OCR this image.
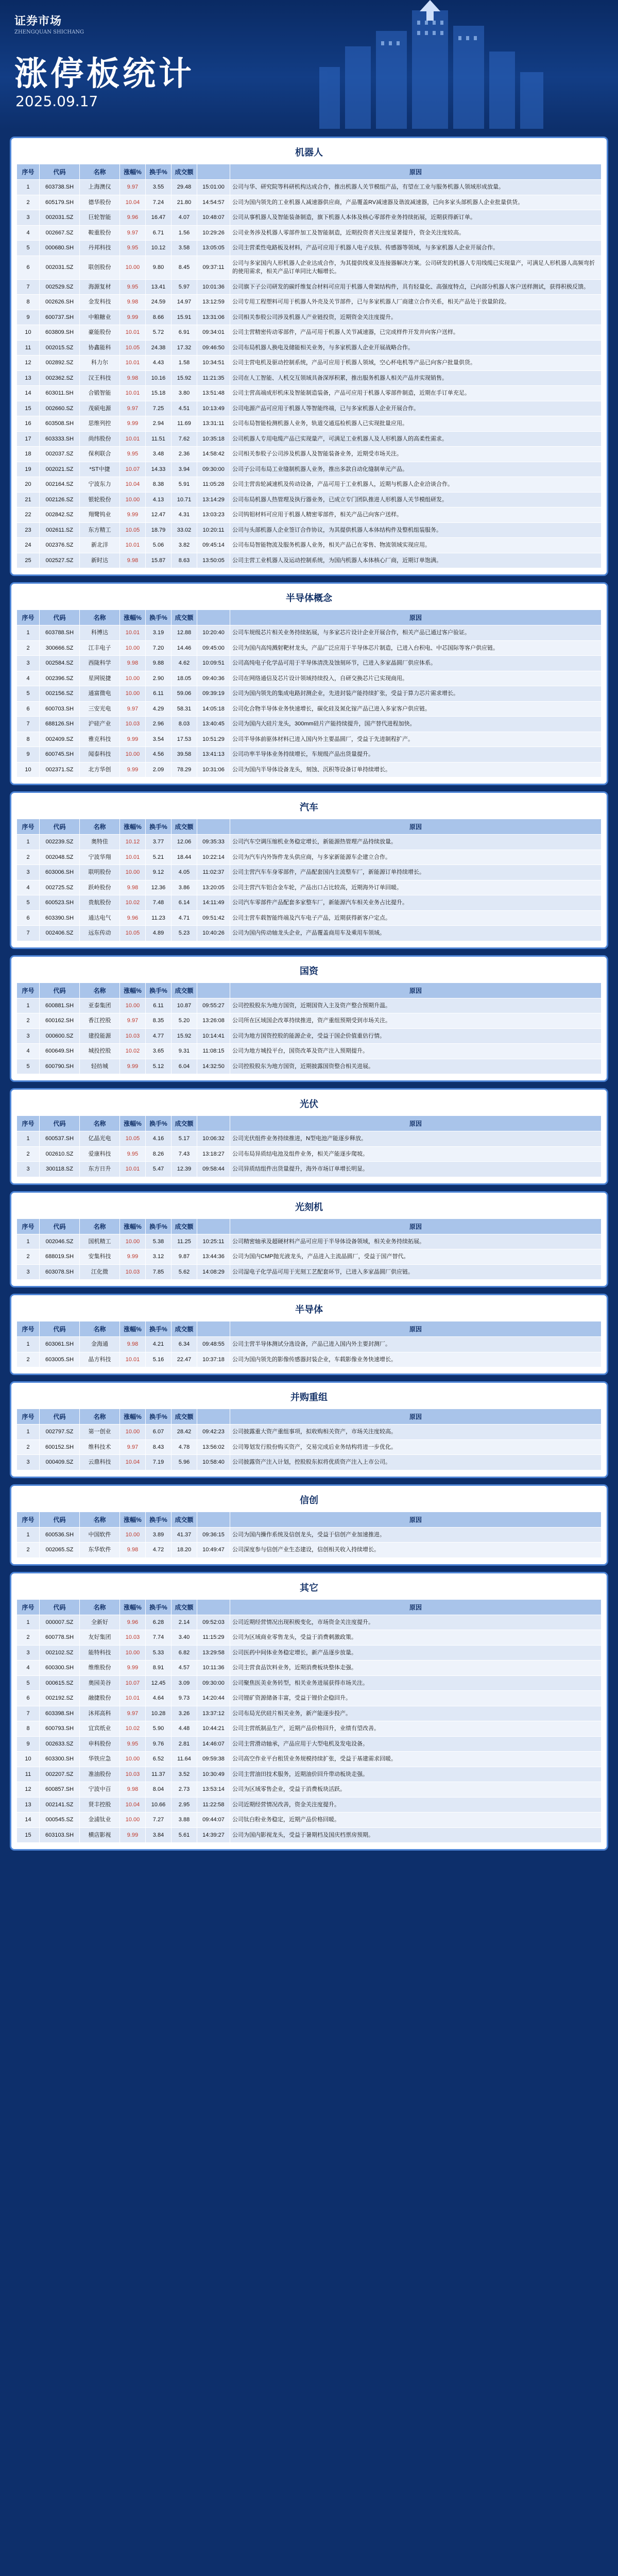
证券市场
ZHENGQUAN SHICHANG
涨停板统计
2025.09.17
机器人
序号	代码	名称	涨幅%	换手%	成交额		原因
1	603738.SH	上海澳仪	9.97	3.55	29.48	15:01:00	公司与华、研究院等科研机构达成合作，推出机器人关节模组产品，有望在工业与服务机器人领域形成放量。
2	605179.SH	德华股份	10.04	7.24	21.80	14:54:57	公司为国内领先的工业机器人减速器供应商，产品覆盖RV减速器及谐波减速器，已向多家头部机器人企业批量供货。
3	002031.SZ	巨轮智能	9.96	16.47	4.07	10:48:07	公司从事机器人及智能装备制造，旗下机器人本体及核心零部件业务持续拓展，近期获得新订单。
4	002667.SZ	鞍重股份	9.97	6.71	1.56	10:29:26	公司业务涉及机器人零部件加工及智能制造，近期投资者关注度显著提升，资金关注度较高。
5	000680.SH	丹邦科技	9.95	10.12	3.58	13:05:05	公司主营柔性电路板及材料，产品可应用于机器人电子皮肤、传感器等领域，与多家机器人企业开展合作。
6	002031.SZ	联创股份	10.00	9.80	8.45	09:37:11	公司与多家国内人形机器人企业达成合作，为其提供线束及连接器解决方案。公司研发的机器人专用线缆已实现量产，可满足人形机器人高频弯折的使用需求，相关产品订单同比大幅增长。
7	002529.SZ	海源复材	9.95	13.41	5.97	10:01:36	公司旗下子公司研发的碳纤维复合材料可应用于机器人骨架结构件，具有轻量化、高强度特点，已向部分机器人客户送样测试，获得积极反馈。
8	002626.SH	金发科技	9.98	24.59	14.97	13:12:59	公司专用工程塑料可用于机器人外壳及关节部件，已与多家机器人厂商建立合作关系，相关产品处于放量阶段。
9	600737.SH	中粮糖业	9.99	8.66	15.91	13:31:06	公司相关参股公司涉及机器人产业链投资，近期资金关注度提升。
10	603809.SH	豪能股份	10.01	5.72	6.91	09:34:01	公司主营精密传动零部件，产品可用于机器人关节减速器，已完成样件开发并向客户送样。
11	002015.SZ	协鑫能科	10.05	24.38	17.32	09:46:50	公司布局机器人换电及储能相关业务，与多家机器人企业开展战略合作。
12	002892.SZ	科力尔	10.01	4.43	1.58	10:34:51	公司主营电机及驱动控制系统，产品可应用于机器人领域，空心杯电机等产品已向客户批量供货。
13	002362.SZ	汉王科技	9.98	10.16	15.92	11:21:35	公司在人工智能、人机交互领域具备深厚积累，推出服务机器人相关产品并实现销售。
14	603011.SH	合锻智能	10.01	15.18	3.80	13:51:48	公司主营高端成形机床及智能制造装备，产品可应用于机器人零部件制造，近期在手订单充足。
15	002660.SZ	茂硕电源	9.97	7.25	4.51	10:13:49	公司电源产品可应用于机器人等智能终端，已与多家机器人企业开展合作。
16	603508.SH	思维列控	9.99	2.94	11.69	13:31:11	公司布局智能检测机器人业务，轨道交通巡检机器人已实现批量应用。
17	603333.SH	尚纬股份	10.01	11.51	7.62	10:35:18	公司机器人专用电缆产品已实现量产，可满足工业机器人及人形机器人的高柔性需求。
18	002037.SZ	保利联合	9.95	3.48	2.36	14:58:42	公司相关参股子公司涉及机器人及智能装备业务，近期受市场关注。
19	002021.SZ	*ST中捷	10.07	14.33	3.94	09:30:00	公司子公司布局工业缝制机器人业务，推出多款自动化缝制单元产品。
20	002164.SZ	宁波东力	10.04	8.38	5.91	11:05:28	公司主营齿轮减速机及传动设备，产品可用于工业机器人，近期与机器人企业洽谈合作。
21	002126.SZ	银轮股份	10.00	4.13	10.71	13:14:29	公司布局机器人热管理及执行器业务，已成立专门团队推进人形机器人关节模组研发。
22	002842.SZ	翔鹭钨业	9.99	12.47	4.31	13:03:23	公司钨钼材料可应用于机器人精密零部件，相关产品已向客户送样。
23	002611.SZ	东方精工	10.05	18.79	33.02	10:20:11	公司与头部机器人企业签订合作协议，为其提供机器人本体结构件及整机组装服务。
24	002376.SZ	新北洋	10.01	5.06	3.82	09:45:14	公司布局智能物流及服务机器人业务，相关产品已在零售、物流领域实现应用。
25	002527.SZ	新时达	9.98	15.87	8.63	13:50:05	公司主营工业机器人及运动控制系统，为国内机器人本体核心厂商，近期订单饱满。
半导体概念
序号	代码	名称	涨幅%	换手%	成交额		原因
1	603788.SH	科博达	10.01	3.19	12.88	10:20:40	公司车规级芯片相关业务持续拓展，与多家芯片设计企业开展合作，相关产品已通过客户验证。
2	300666.SZ	江丰电子	10.00	7.20	14.46	09:45:00	公司为国内高纯溅射靶材龙头，产品广泛应用于半导体芯片制造，已进入台积电、中芯国际等客户供应链。
3	002584.SZ	西陇科学	9.98	9.88	4.62	10:09:51	公司高纯电子化学品可用于半导体清洗及蚀刻环节，已进入多家晶圆厂供应体系。
4	002396.SZ	星网锐捷	10.00	2.90	18.05	09:40:36	公司在网络通信及芯片设计领域持续投入，自研交换芯片已实现商用。
5	002156.SZ	通富微电	10.00	6.11	59.06	09:39:19	公司为国内领先的集成电路封测企业，先进封装产能持续扩张，受益于算力芯片需求增长。
6	600703.SH	三安光电	9.97	4.29	58.31	14:05:18	公司化合物半导体业务快速增长，碳化硅及氮化镓产品已进入多家客户供应链。
7	688126.SH	沪硅产业	10.03	2.96	8.03	13:40:45	公司为国内大硅片龙头，300mm硅片产能持续提升，国产替代进程加快。
8	002409.SZ	雅克科技	9.99	3.54	17.53	10:51:29	公司半导体前驱体材料已进入国内外主要晶圆厂，受益于先进制程扩产。
9	600745.SH	闻泰科技	10.00	4.56	39.58	13:41:13	公司功率半导体业务持续增长，车规级产品出货量提升。
10	002371.SZ	北方华创	9.99	2.09	78.29	10:31:06	公司为国内半导体设备龙头，刻蚀、沉积等设备订单持续增长。
汽车
序号	代码	名称	涨幅%	换手%	成交额		原因
1	002239.SZ	奥特佳	10.12	3.77	12.06	09:35:33	公司汽车空调压缩机业务稳定增长，新能源热管理产品持续放量。
2	002048.SZ	宁波华翔	10.01	5.21	18.44	10:22:14	公司为汽车内外饰件龙头供应商，与多家新能源车企建立合作。
3	603006.SH	联明股份	10.00	9.12	4.05	11:02:37	公司主营汽车车身零部件，产品配套国内主流整车厂，新能源订单持续增长。
4	002725.SZ	跃岭股份	9.98	12.36	3.86	13:20:05	公司主营汽车铝合金车轮，产品出口占比较高，近期海外订单回暖。
5	600523.SH	贵航股份	10.02	7.48	6.14	14:11:49	公司汽车零部件产品配套多家整车厂，新能源汽车相关业务占比提升。
6	603390.SH	通达电气	9.96	11.23	4.71	09:51:42	公司主营车载智能终端及汽车电子产品，近期获得新客户定点。
7	002406.SZ	远东传动	10.05	4.89	5.23	10:40:26	公司为国内传动轴龙头企业，产品覆盖商用车及乘用车领域。
国资
序号	代码	名称	涨幅%	换手%	成交额		原因
1	600881.SH	亚泰集团	10.00	6.11	10.87	09:55:27	公司控股股东为地方国资，近期国资入主及资产整合预期升温。
2	600162.SH	香江控股	9.97	8.35	5.20	13:26:08	公司所在区域国企改革持续推进，资产重组预期受到市场关注。
3	000600.SZ	建投能源	10.03	4.77	15.92	10:14:41	公司为地方国资控股的能源企业，受益于国企价值重估行情。
4	600649.SH	城投控股	10.02	3.65	9.31	11:08:15	公司为地方城投平台，国资改革及资产注入预期提升。
5	600790.SH	轻纺城	9.99	5.12	6.04	14:32:50	公司控股股东为地方国资，近期披露国资整合相关进展。
光伏
序号	代码	名称	涨幅%	换手%	成交额		原因
1	600537.SH	亿晶光电	10.05	4.16	5.17	10:06:32	公司光伏组件业务持续推进，N型电池产能逐步释放。
2	002610.SZ	爱康科技	9.95	8.26	7.43	13:18:27	公司布局异质结电池及组件业务，相关产能逐步爬坡。
3	300118.SZ	东方日升	10.01	5.47	12.39	09:58:44	公司异质结组件出货量提升，海外市场订单增长明显。
光刻机
序号	代码	名称	涨幅%	换手%	成交额		原因
1	002046.SZ	国机精工	10.00	5.38	11.25	10:25:11	公司精密轴承及超硬材料产品可应用于半导体设备领域，相关业务持续拓展。
2	688019.SH	安集科技	9.99	3.12	9.87	13:44:36	公司为国内CMP抛光液龙头，产品进入主流晶圆厂，受益于国产替代。
3	603078.SH	江化微	10.03	7.85	5.62	14:08:29	公司湿电子化学品可用于光刻工艺配套环节，已进入多家晶圆厂供应链。
半导体
序号	代码	名称	涨幅%	换手%	成交额		原因
1	603061.SH	金海通	9.98	4.21	6.34	09:48:55	公司主营半导体测试分选设备，产品已进入国内外主要封测厂。
2	603005.SH	晶方科技	10.01	5.16	22.47	10:37:18	公司为国内领先的影像传感器封装企业，车载影像业务快速增长。
并购重组
序号	代码	名称	涨幅%	换手%	成交额		原因
1	002797.SZ	第一创业	10.00	6.07	28.42	09:42:23	公司披露重大资产重组事项，拟收购相关资产，市场关注度较高。
2	600152.SH	维科技术	9.97	8.43	4.78	13:56:02	公司筹划发行股份购买资产，交易完成后业务结构将进一步优化。
3	000409.SZ	云鼎科技	10.04	7.19	5.96	10:58:40	公司披露资产注入计划，控股股东拟将优质资产注入上市公司。
信创
序号	代码	名称	涨幅%	换手%	成交额		原因
1	600536.SH	中国软件	10.00	3.89	41.37	09:36:15	公司为国内操作系统及信创龙头，受益于信创产业加速推进。
2	002065.SZ	东华软件	9.98	4.72	18.20	10:49:47	公司深度参与信创产业生态建设，信创相关收入持续增长。
其它
序号	代码	名称	涨幅%	换手%	成交额		原因
1	000007.SZ	全新好	9.96	6.28	2.14	09:52:03	公司近期经营情况出现积极变化，市场资金关注度提升。
2	600778.SH	友好集团	10.03	7.74	3.40	11:15:29	公司为区域商业零售龙头，受益于消费刺激政策。
3	002102.SZ	能特科技	10.00	5.33	6.82	13:29:58	公司医药中间体业务稳定增长，新产品逐步放量。
4	600300.SH	维维股份	9.99	8.91	4.57	10:11:36	公司主营食品饮料业务，近期消费板块整体走强。
5	000615.SZ	奥园美谷	10.07	12.45	3.09	09:30:00	公司聚焦医美业务转型，相关业务进展获得市场关注。
6	002192.SZ	融捷股份	10.01	4.64	9.73	14:20:44	公司锂矿资源储备丰富，受益于锂价企稳回升。
7	603398.SH	沐邦高科	9.97	10.28	3.26	13:37:12	公司布局光伏硅片相关业务，新产能逐步投产。
8	600793.SH	宜宾纸业	10.02	5.90	4.48	10:44:21	公司主营纸制品生产，近期产品价格回升，业绩有望改善。
9	002633.SZ	申科股份	9.95	9.76	2.81	14:46:07	公司主营滑动轴承，产品应用于大型电机及发电设备。
10	603300.SH	华铁应急	10.00	6.52	11.64	09:59:38	公司高空作业平台租赁业务规模持续扩张，受益于基建需求回暖。
11	002207.SZ	准油股份	10.03	11.37	3.52	10:30:49	公司主营油田技术服务，近期油价回升带动板块走强。
12	600857.SH	宁波中百	9.98	8.04	2.73	13:53:14	公司为区域零售企业，受益于消费板块活跃。
13	002141.SZ	贤丰控股	10.04	10.66	2.95	11:22:58	公司近期经营情况改善，资金关注度提升。
14	000545.SZ	金浦钛业	10.00	7.27	3.88	09:44:07	公司钛白粉业务稳定，近期产品价格回暖。
15	603103.SH	横店影视	9.99	3.84	5.61	14:39:27	公司为国内影视龙头，受益于暑期档及国庆档票房预期。
